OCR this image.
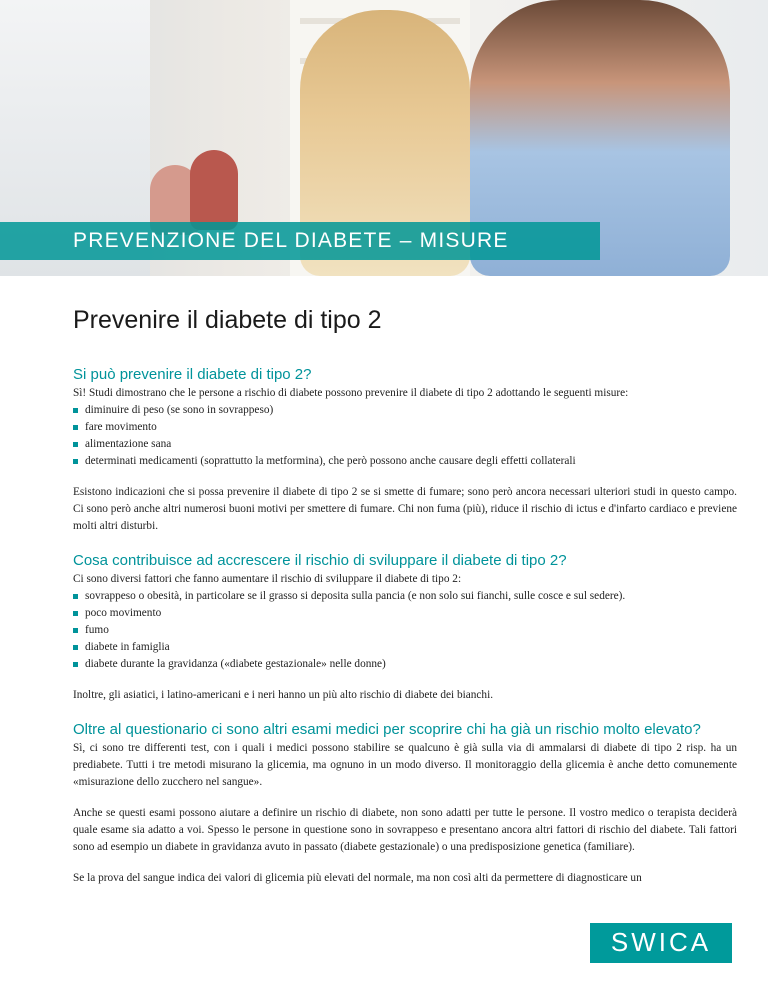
PREVENZIONE DEL DIABETE – MISURE
Prevenire il diabete di tipo 2
Si può prevenire il diabete di tipo 2?

Sì! Studi dimostrano che le persone a rischio di diabete possono prevenire il diabete di tipo 2 adottando le seguenti misure:

diminuire di peso (se sono in sovrappeso)
fare movimento
alimentazione sana
determinati medicamenti (soprattutto la metformina), che però possono anche causare degli effetti collaterali

Esistono indicazioni che si possa prevenire il diabete di tipo 2 se si smette di fumare; sono però ancora necessari ulteriori studi in questo campo. Ci sono però anche altri numerosi buoni motivi per smettere di fumare. Chi non fuma (più), riduce il rischio di ictus e d'infarto cardiaco e previene molti altri disturbi.

Cosa contribuisce ad accrescere il rischio di sviluppare il diabete di tipo 2?

Ci sono diversi fattori che fanno aumentare il rischio di sviluppare il diabete di tipo 2:

sovrappeso o obesità, in particolare se il grasso si deposita sulla pancia (e non solo sui fianchi, sulle cosce e sul sedere).
poco movimento
fumo
diabete in famiglia
diabete durante la gravidanza («diabete gestazionale» nelle donne)

Inoltre, gli asiatici, i latino-americani e i neri hanno un più alto rischio di diabete dei bianchi.

Oltre al questionario ci sono altri esami medici per scoprire chi ha già un rischio molto elevato?

Sì, ci sono tre differenti test, con i quali i medici possono stabilire se qualcuno è già sulla via di ammalarsi di diabete di tipo 2 risp. ha un prediabete. Tutti i tre metodi misurano la glicemia, ma ognuno in un modo diverso. Il monitoraggio della glicemia è anche detto comunemente «misurazione dello zucchero nel sangue».

Anche se questi esami possono aiutare a definire un rischio di diabete, non sono adatti per tutte le persone. Il vostro medico o terapista deciderà quale esame sia adatto a voi. Spesso le persone in questione sono in sovrappeso e presentano ancora altri fattori di rischio del diabete. Tali fattori sono ad esempio un diabete in gravidanza avuto in passato (diabete gestazionale) o una predisposizione genetica (familiare).

Se la prova del sangue indica dei valori di glicemia più elevati del normale, ma non così alti da permettere di diagnosticare un

SWICA
